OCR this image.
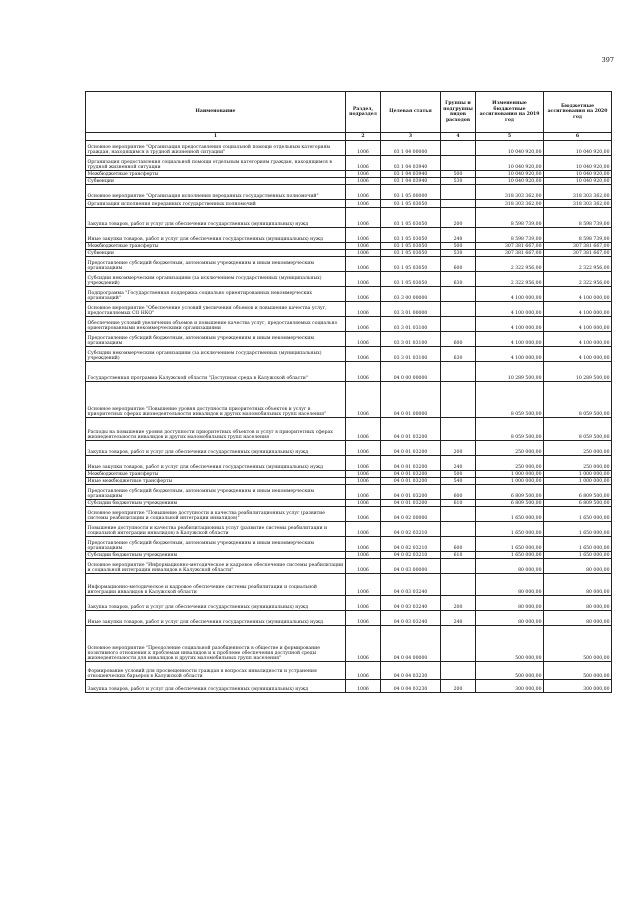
397
Наименование	Раздел, подраздел	Целевая статья	Группы и подгруппы видов расходов	Измененные бюджетные ассигнования на 2019 год	Бюджетные ассигнования на 2020 год
1	2	3	4	5	6
Основное мероприятие "Организация предоставления социальной помощи отдельным категориям граждан, находящимся в трудной жизненной ситуации"	1006	03 1 04 00000		10 040 920,00	10 040 920,00
Организация предоставления социальной помощи отдельным категориям граждан, находящимся в трудной жизненной ситуации	1006	03 1 04 03940		10 040 920,00	10 040 920,00
Межбюджетные трансферты	1006	03 1 04 03940	500	10 040 920,00	10 040 920,00
Субвенции	1006	03 1 04 03940	530	10 040 920,00	10 040 920,00
Основное мероприятие "Организация исполнения переданных государственных полномочий"	1006	03 1 05 00000		318 303 362,00	318 303 362,00
Организация исполнения переданных государственных полномочий	1006	03 1 05 03050		318 303 362,00	318 303 362,00
Закупка товаров, работ и услуг для обеспечения государственных (муниципальных) нужд	1006	03 1 05 03050	200	8 598 739,00	8 598 739,00
Иные закупки товаров, работ и услуг для обеспечения государственных (муниципальных) нужд	1006	03 1 05 03050	240	8 598 739,00	8 598 739,00
Межбюджетные трансферты	1006	03 1 05 03050	500	307 381 667,00	307 381 667,00
Субвенции	1006	03 1 05 03050	530	307 381 667,00	307 381 667,00
Предоставление субсидий бюджетным, автономным учреждениям и иным некоммерческим организациям	1006	03 1 05 03050	600	2 322 956,00	2 322 956,00
Субсидии некоммерческим организациям (за исключением государственных (муниципальных) учреждений)	1006	03 1 05 03050	630	2 322 956,00	2 322 956,00
Подпрограмма "Государственная поддержка социально ориентированных некоммерческих организаций"	1006	03 3 00 00000		4 100 000,00	4 100 000,00
Основное мероприятие "Обеспечение условий увеличения объемов и повышение качества услуг, предоставляемых СО НКО"	1006	03 3 01 00000		4 100 000,00	4 100 000,00
Обеспечение условий увеличения объемов и повышение качества услуг, предоставляемых социально ориентированными некоммерческими организациями	1006	03 3 01 03100		4 100 000,00	4 100 000,00
Предоставление субсидий бюджетным, автономным учреждениям и иным некоммерческим организациям	1006	03 3 01 03100	600	4 100 000,00	4 100 000,00
Субсидии некоммерческим организациям (за исключением государственных (муниципальных) учреждений)	1006	03 3 01 03100	630	4 100 000,00	4 100 000,00
Государственная программа Калужской области "Доступная среда в Калужской области"	1006	04 0 00 00000		10 289 500,00	10 289 500,00
Основное мероприятие "Повышение уровня доступности приоритетных объектов и услуг в приоритетных сферах жизнедеятельности инвалидов и других маломобильных групп населения"	1006	04 0 01 00000		8 059 500,00	8 059 500,00
Расходы на повышение уровня доступности приоритетных объектов и услуг в приоритетных сферах жизнедеятельности инвалидов и других маломобильных групп населения	1006	04 0 01 03200		8 059 500,00	8 059 500,00
Закупка товаров, работ и услуг для обеспечения государственных (муниципальных) нужд	1006	04 0 01 03200	200	250 000,00	250 000,00
Иные закупки товаров, работ и услуг для обеспечения государственных (муниципальных) нужд	1006	04 0 01 03200	240	250 000,00	250 000,00
Межбюджетные трансферты	1006	04 0 01 03200	500	1 000 000,00	1 000 000,00
Иные межбюджетные трансферты	1006	04 0 01 03200	540	1 000 000,00	1 000 000,00
Предоставление субсидий бюджетным, автономным учреждениям и иным некоммерческим организациям	1006	04 0 01 03200	600	6 809 500,00	6 809 500,00
Субсидии бюджетным учреждениям	1006	04 0 01 03200	610	6 809 500,00	6 809 500,00
Основное мероприятие "Повышение доступности и качества реабилитационных услуг (развитие системы реабилитации и социальной интеграции инвалидов)"	1006	04 0 02 00000		1 650 000,00	1 650 000,00
Повышение доступности и качества реабилитационных услуг (развитие системы реабилитации и социальной интеграции инвалидов) в Калужской области	1006	04 0 02 03210		1 650 000,00	1 650 000,00
Предоставление субсидий бюджетным, автономным учреждениям и иным некоммерческим организациям	1006	04 0 02 03210	600	1 650 000,00	1 650 000,00
Субсидии бюджетным учреждениям	1006	04 0 02 03210	610	1 650 000,00	1 650 000,00
Основное мероприятие "Информационно-методическое и кадровое обеспечение системы реабилитации и социальной интеграции инвалидов в Калужской области"	1006	04 0 03 00000		80 000,00	80 000,00
Информационно-методическое и кадровое обеспечение системы реабилитации и социальной интеграции инвалидов в Калужской области	1006	04 0 03 03240		80 000,00	80 000,00
Закупка товаров, работ и услуг для обеспечения государственных (муниципальных) нужд	1006	04 0 03 03240	200	80 000,00	80 000,00
Иные закупки товаров, работ и услуг для обеспечения государственных (муниципальных) нужд	1006	04 0 03 03240	240	80 000,00	80 000,00
Основное мероприятие "Преодоление социальной разобщенности в обществе и формирование позитивного отношения к проблемам инвалидов и к проблеме обеспечения доступной среды жизнедеятельности для инвалидов и других маломобильных групп населения"	1006	04 0 04 00000		500 000,00	500 000,00
Формирование условий для просвещенности граждан в вопросах инвалидности и устранения отношенческих барьеров в Калужской области	1006	04 0 04 03230		500 000,00	500 000,00
Закупка товаров, работ и услуг для обеспечения государственных (муниципальных) нужд	1006	04 0 04 03230	200	300 000,00	300 000,00
